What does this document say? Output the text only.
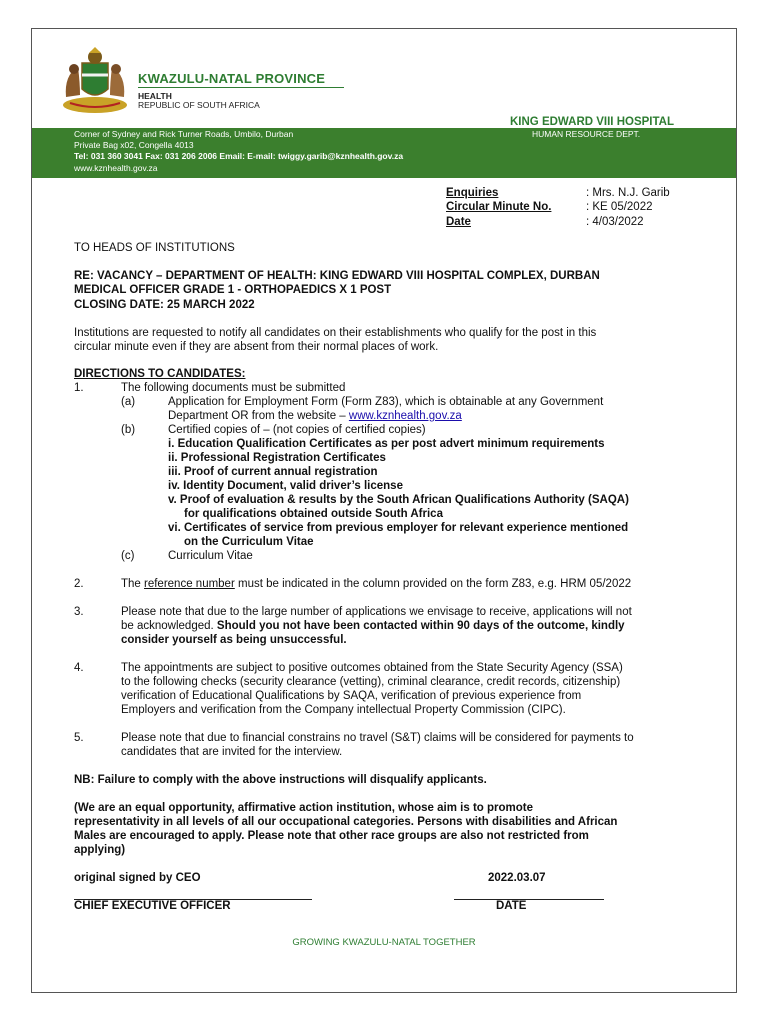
KWAZULU-NATAL PROVINCE
HEALTH
REPUBLIC OF SOUTH AFRICA
KING EDWARD VIII HOSPITAL
HUMAN RESOURCE DEPT.
Corner of Sydney and Rick Turner Roads, Umbilo, Durban
Private Bag x02, Congella 4013
Tel: 031 360 3041 Fax: 031 206 2006 Email: E-mail: twiggy.garib@kznhealth.gov.za
www.kznhealth.gov.za
Enquiries	: Mrs. N.J. Garib
Circular Minute No.	: KE 05/2022
Date	: 4/03/2022
TO HEADS OF INSTITUTIONS
RE: VACANCY – DEPARTMENT OF HEALTH: KING EDWARD VIII HOSPITAL COMPLEX, DURBAN
MEDICAL OFFICER GRADE 1 - ORTHOPAEDICS X 1 POST
CLOSING DATE: 25 MARCH 2022
Institutions are requested to notify all candidates on their establishments who qualify for the post in this
circular minute even if they are absent from their normal places of work.
DIRECTIONS TO CANDIDATES:
1.	The following documents must be submitted
(a)	Application for Employment Form (Form Z83), which is obtainable at any Government
Department OR from the website – www.kznhealth.gov.za
(b)	Certified copies of – (not copies of certified copies)
i. Education Qualification Certificates as per post advert minimum requirements
ii. Professional Registration Certificates
iii. Proof of current annual registration
iv. Identity Document, valid driver’s license
v. Proof of evaluation & results by the South African Qualifications Authority (SAQA)
for qualifications obtained outside South Africa
vi. Certificates of service from previous employer for relevant experience mentioned
on the Curriculum Vitae
(c)	Curriculum Vitae
2.	The reference number must be indicated in the column provided on the form Z83, e.g. HRM 05/2022
3.	Please note that due to the large number of applications we envisage to receive, applications will not
be acknowledged. Should you not have been contacted within 90 days of the outcome, kindly
consider yourself as being unsuccessful.
4.	The appointments are subject to positive outcomes obtained from the State Security Agency (SSA)
to the following checks (security clearance (vetting), criminal clearance, credit records, citizenship)
verification of Educational Qualifications by SAQA, verification of previous experience from
Employers and verification from the Company intellectual Property Commission (CIPC).
5.	Please note that due to financial constrains no travel (S&T) claims will be considered for payments to
candidates that are invited for the interview.
NB: Failure to comply with the above instructions will disqualify applicants.
(We are an equal opportunity, affirmative action institution, whose aim is to promote
representativity in all levels of all our occupational categories. Persons with disabilities and African
Males are encouraged to apply. Please note that other race groups are also not restricted from
applying)
original signed by CEO	2022.03.07
CHIEF EXECUTIVE OFFICER	DATE
GROWING KWAZULU-NATAL TOGETHER
